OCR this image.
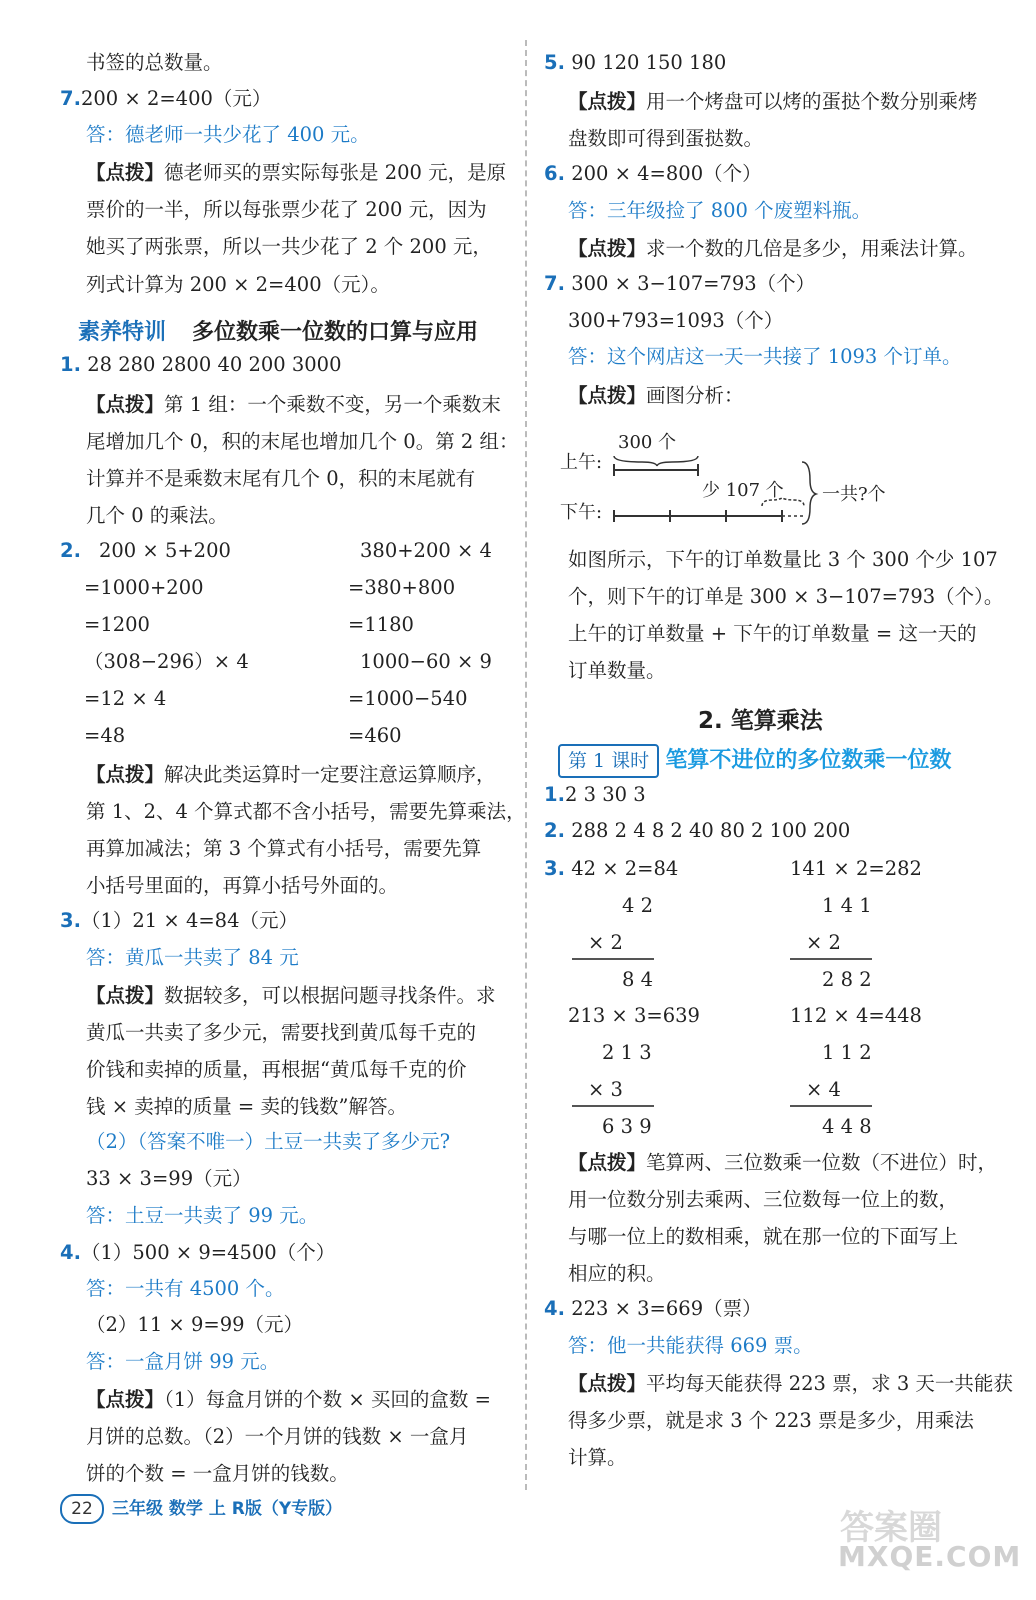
书签的总数量。
7.200 × 2=400（元）
答：德老师一共少花了 400 元。
【点拨】德老师买的票实际每张是 200 元，是原
票价的一半，所以每张票少花了 200 元，因为
她买了两张票，所以一共少花了 2 个 200 元，
列式计算为 200 × 2=400（元）。
素养特训 多位数乘一位数的口算与应用
1. 28 280 2800 40 200 3000
【点拨】第 1 组：一个乘数不变，另一个乘数末
尾增加几个 0，积的末尾也增加几个 0。第 2 组：
计算并不是乘数末尾有几个 0，积的末尾就有
几个 0 的乘法。
2. 200 × 5+200
=1000+200
=1200
380+200 × 4
=380+800
=1180
（308−296）× 4
=12 × 4
=48
1000−60 × 9
=1000−540
=460
【点拨】解决此类运算时一定要注意运算顺序，
第 1、2、4 个算式都不含小括号，需要先算乘法，
再算加减法；第 3 个算式有小括号，需要先算
小括号里面的，再算小括号外面的。
3.（1）21 × 4=84（元）
答：黄瓜一共卖了 84 元
【点拨】数据较多，可以根据问题寻找条件。求
黄瓜一共卖了多少元，需要找到黄瓜每千克的
价钱和卖掉的质量，再根据“黄瓜每千克的价
钱 × 卖掉的质量 = 卖的钱数”解答。
（2）（答案不唯一）土豆一共卖了多少元?
33 × 3=99（元）
答：土豆一共卖了 99 元。
4.（1）500 × 9=4500（个）
答：一共有 4500 个。
（2）11 × 9=99（元）
答：一盒月饼 99 元。
【点拨】（1）每盒月饼的个数 × 买回的盒数 =
月饼的总数。（2）一个月饼的钱数 × 一盒月
饼的个数 = 一盒月饼的钱数。
5. 90 120 150 180
【点拨】用一个烤盘可以烤的蛋挞个数分别乘烤
盘数即可得到蛋挞数。
6. 200 × 4=800（个）
答：三年级捡了 800 个废塑料瓶。
【点拨】求一个数的几倍是多少，用乘法计算。
7. 300 × 3−107=793（个）
300+793=1093（个）
答：这个网店这一天一共接了 1093 个订单。
【点拨】画图分析：
300 个
上午:
少 107 个
下午:
一共?个
如图所示，下午的订单数量比 3 个 300 个少 107
个，则下午的订单是 300 × 3−107=793（个）。
上午的订单数量 + 下午的订单数量 = 这一天的
订单数量。
2. 笔算乘法
第 1 课时 笔算不进位的多位数乘一位数
1.2 3 30 3
2. 288 2 4 8 2 40 80 2 100 200
3. 42 × 2=84	141 × 2=282
4 2
× 2
8 4
1 4 1
× 2
2 8 2
213 × 3=639	112 × 4=448
2 1 3
× 3
6 3 9
1 1 2
× 4
4 4 8
【点拨】笔算两、三位数乘一位数（不进位）时，
用一位数分别去乘两、三位数每一位上的数，
与哪一位上的数相乘，就在那一位的下面写上
相应的积。
4. 223 × 3=669（票）
答：他一共能获得 669 票。
【点拨】平均每天能获得 223 票，求 3 天一共能获
得多少票，就是求 3 个 223 票是多少，用乘法
计算。
22	三年级 数学 上 R版（Y专版）	答案圈
MXQE.COM
